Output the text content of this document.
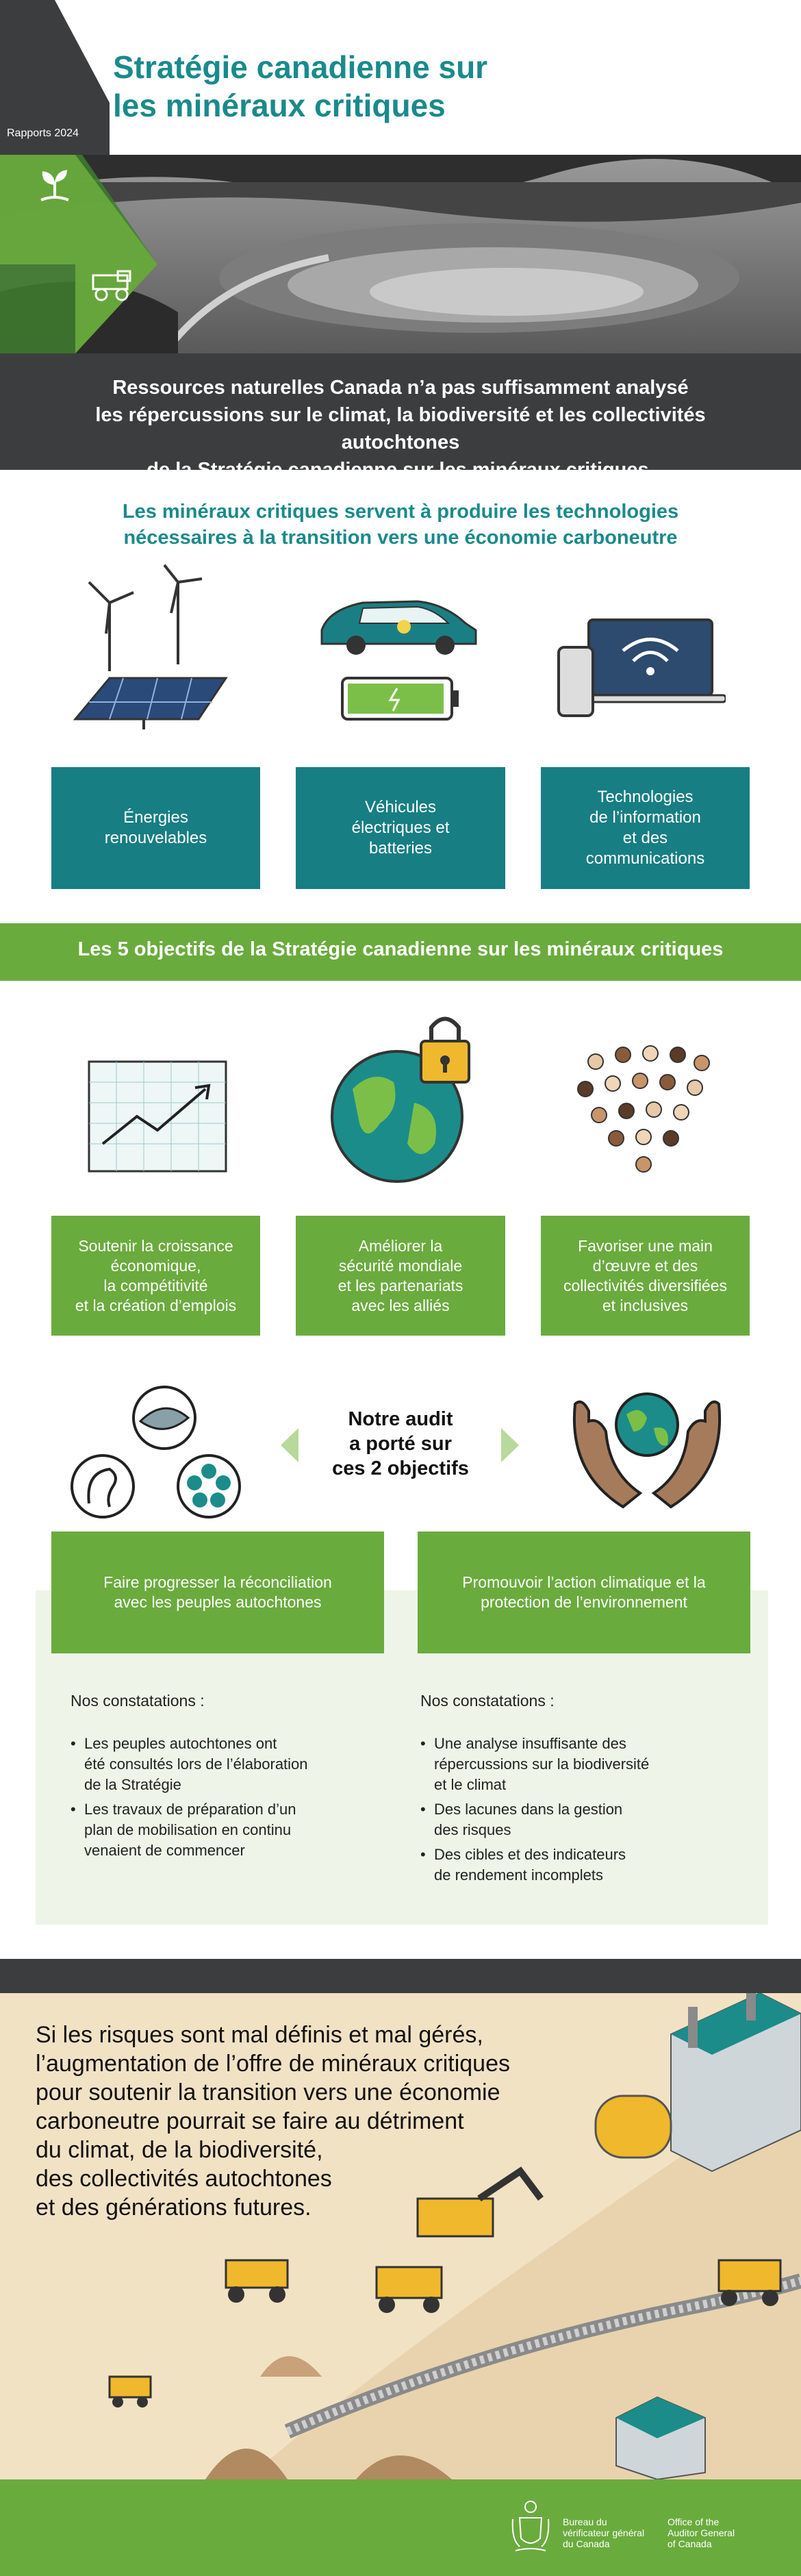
Stratégie canadienne sur
les minéraux critiques
Rapports 2024
Ressources naturelles Canada n’a pas suffisamment analysé
les répercussions sur le climat, la biodiversité et les collectivités autochtones
de la Stratégie canadienne sur les minéraux critiques.
Les minéraux critiques servent à produire les technologies
nécessaires à la transition vers une économie carboneutre
Énergies
renouvelables
Véhicules
électriques et
batteries
Technologies
de l’information
et des
communications
Les 5 objectifs de la Stratégie canadienne sur les minéraux critiques
Soutenir la croissance
économique,
la compétitivité
et la création d’emplois
Améliorer la
sécurité mondiale
et les partenariats
avec les alliés
Favoriser une main
d’œuvre et des
collectivités diversifiées
et inclusives
Notre audit
a porté sur
ces 2 objectifs
Faire progresser la réconciliation
avec les peuples autochtones
Promouvoir l’action climatique et la
protection de l’environnement
Nos constatations :
• Les peuples autochtones ont
été consultés lors de l’élaboration
de la Stratégie
• Les travaux de préparation d’un
plan de mobilisation en continu
venaient de commencer
Nos constatations :
• Une analyse insuffisante des
répercussions sur la biodiversité
et le climat
• Des lacunes dans la gestion
des risques
• Des cibles et des indicateurs
de rendement incomplets
Si les risques sont mal définis et mal gérés,
l’augmentation de l’offre de minéraux critiques
pour soutenir la transition vers une économie
carboneutre pourrait se faire au détriment
du climat, de la biodiversité,
des collectivités autochtones
et des générations futures.
Bureau du
vérificateur général
du Canada
Office of the
Auditor General
of Canada
